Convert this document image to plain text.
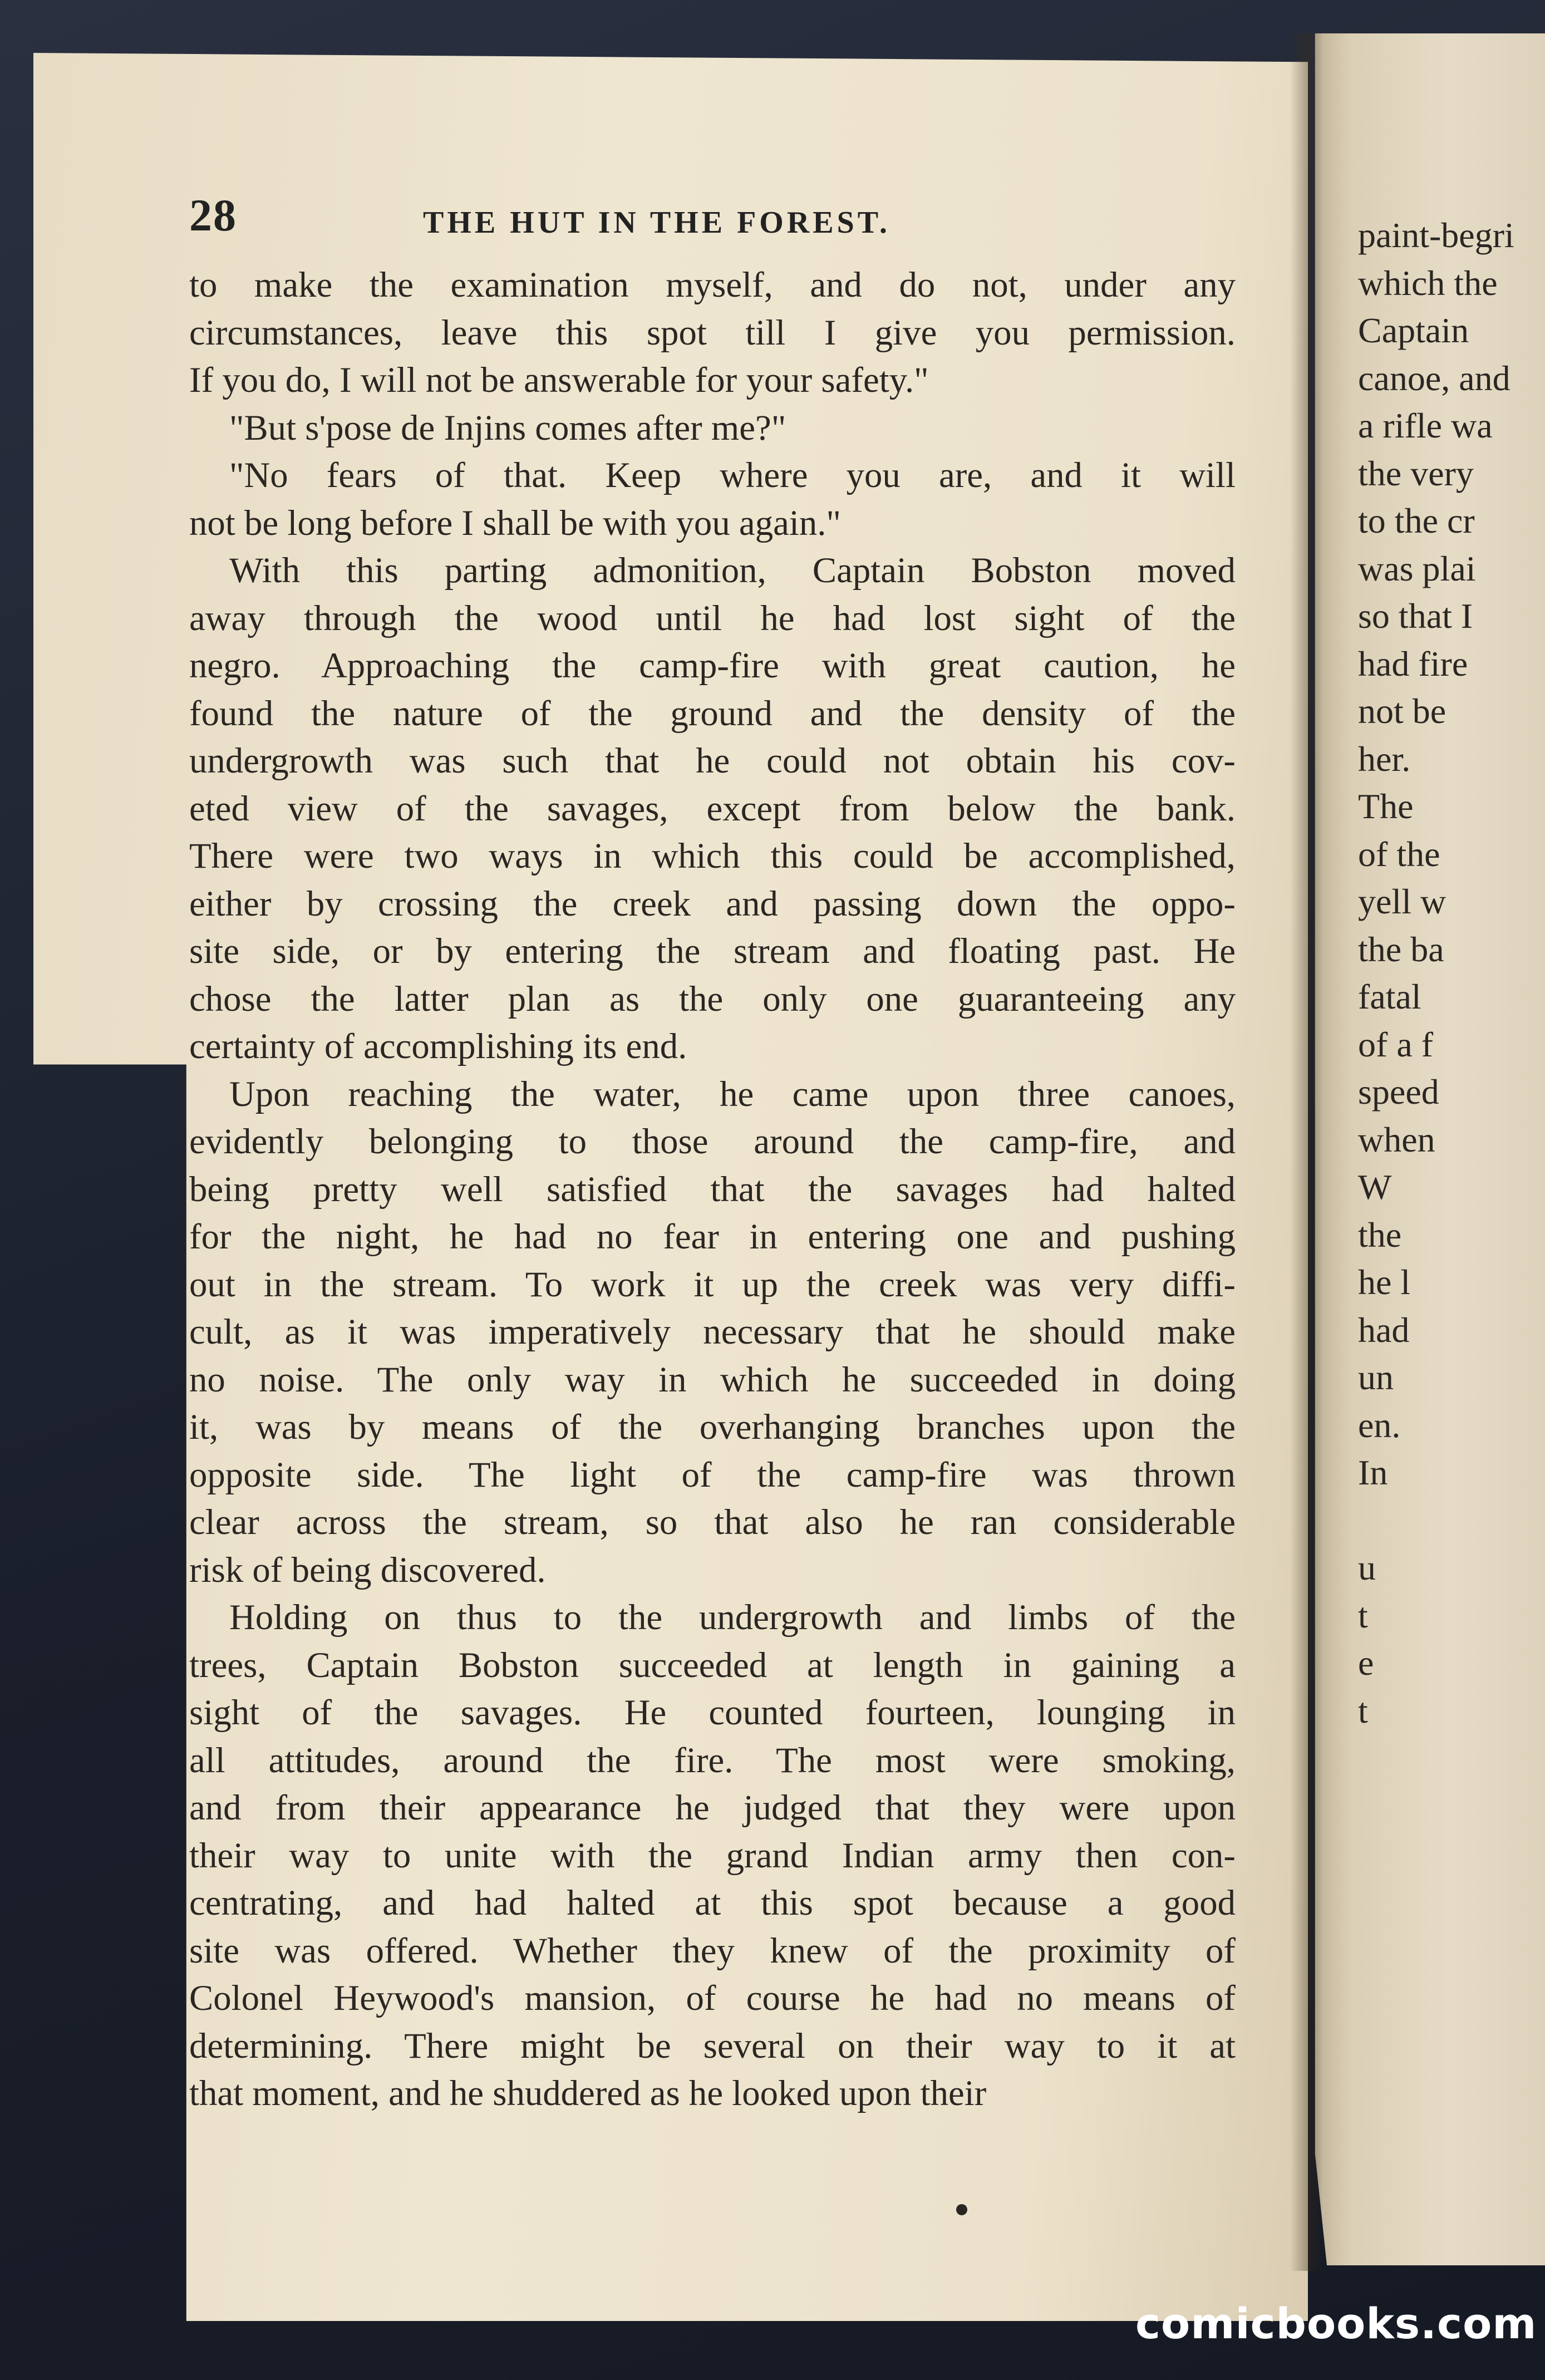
28	THE HUT IN THE FOREST.
to make the examination myself, and do not, under any
circumstances, leave this spot till I give you permission.
If you do, I will not be answerable for your safety."
"But s'pose de Injins comes after me?"
"No fears of that. Keep where you are, and it will
not be long before I shall be with you again."
With this parting admonition, Captain Bobston moved
away through the wood until he had lost sight of the
negro. Approaching the camp-fire with great caution, he
found the nature of the ground and the density of the
undergrowth was such that he could not obtain his cov-
eted view of the savages, except from below the bank.
There were two ways in which this could be accomplished,
either by crossing the creek and passing down the oppo-
site side, or by entering the stream and floating past. He
chose the latter plan as the only one guaranteeing any
certainty of accomplishing its end.
Upon reaching the water, he came upon three canoes,
evidently belonging to those around the camp-fire, and
being pretty well satisfied that the savages had halted
for the night, he had no fear in entering one and pushing
out in the stream. To work it up the creek was very diffi-
cult, as it was imperatively necessary that he should make
no noise. The only way in which he succeeded in doing
it, was by means of the overhanging branches upon the
opposite side. The light of the camp-fire was thrown
clear across the stream, so that also he ran considerable
risk of being discovered.
Holding on thus to the undergrowth and limbs of the
trees, Captain Bobston succeeded at length in gaining a
sight of the savages. He counted fourteen, lounging in
all attitudes, around the fire. The most were smoking,
and from their appearance he judged that they were upon
their way to unite with the grand Indian army then con-
centrating, and had halted at this spot because a good
site was offered. Whether they knew of the proximity of
Colonel Heywood's mansion, of course he had no means of
determining. There might be several on their way to it at
that moment, and he shuddered as he looked upon their
paint-begri
which the
Captain
canoe, and
a rifle wa
the very
to the cr
was plai
so that I
had fire
not be
her.
The
of the
yell w
the ba
fatal
of a f
speed
when
W
the
he l
had
un
en.
In
u
t
e
t
comicbooks.com
